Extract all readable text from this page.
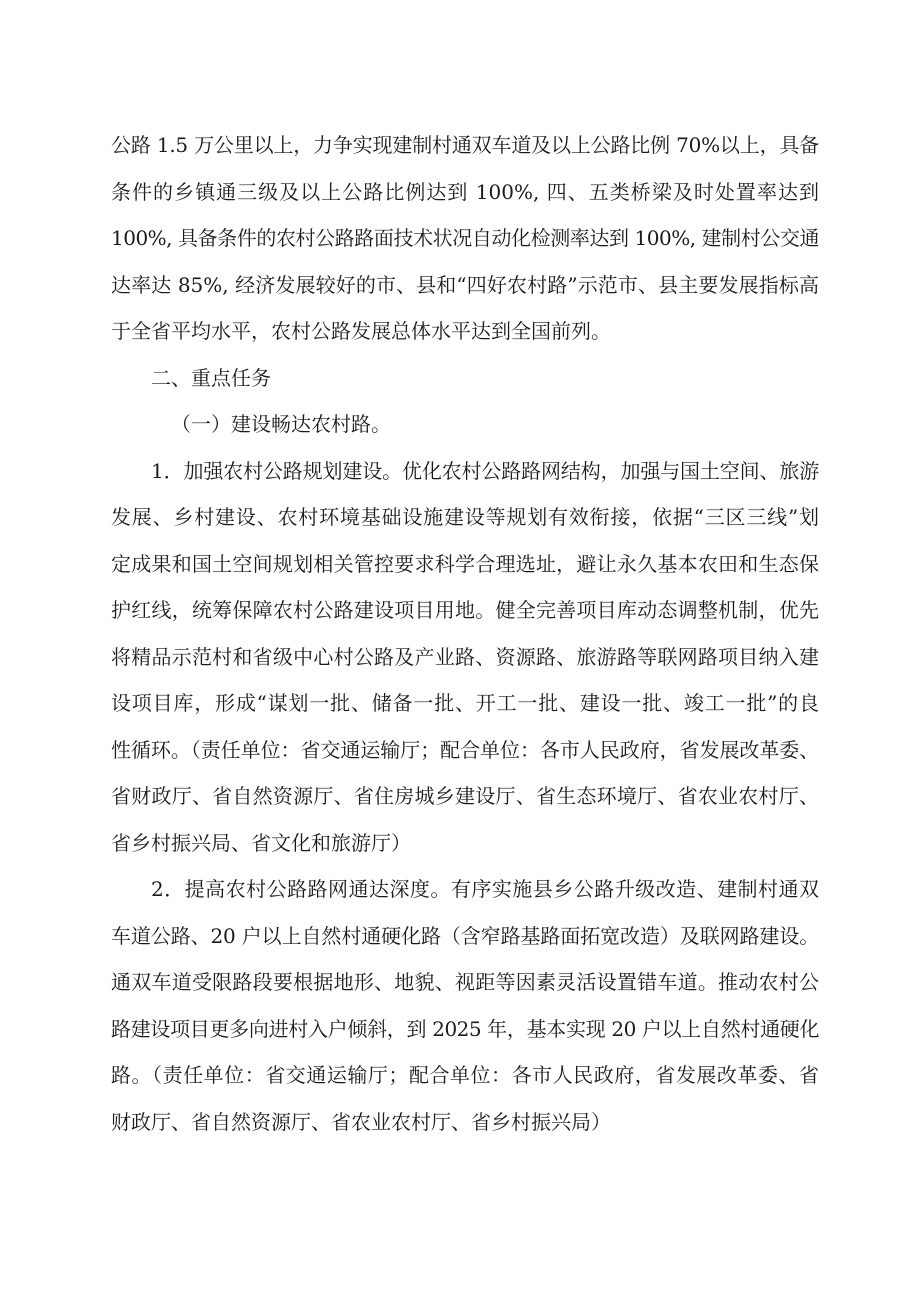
公路 1.5 万公里以上，力争实现建制村通双车道及以上公路比例 70%以上，具备
条件的乡镇通三级及以上公路比例达到 100%, 四、五类桥梁及时处置率达到
100%, 具备条件的农村公路路面技术状况自动化检测率达到 100%, 建制村公交通
达率达 85%, 经济发展较好的市、县和“四好农村路”示范市、县主要发展指标高
于全省平均水平，农村公路发展总体水平达到全国前列。
二、重点任务
（一）建设畅达农村路。
1．加强农村公路规划建设。优化农村公路路网结构，加强与国土空间、旅游
发展、乡村建设、农村环境基础设施建设等规划有效衔接，依据“三区三线”划
定成果和国土空间规划相关管控要求科学合理选址，避让永久基本农田和生态保
护红线，统筹保障农村公路建设项目用地。健全完善项目库动态调整机制，优先
将精品示范村和省级中心村公路及产业路、资源路、旅游路等联网路项目纳入建
设项目库，形成“谋划一批、储备一批、开工一批、建设一批、竣工一批”的良
性循环。（责任单位：省交通运输厅；配合单位：各市人民政府，省发展改革委、
省财政厅、省自然资源厅、省住房城乡建设厅、省生态环境厅、省农业农村厅、
省乡村振兴局、省文化和旅游厅）
2．提高农村公路路网通达深度。有序实施县乡公路升级改造、建制村通双
车道公路、20 户以上自然村通硬化路（含窄路基路面拓宽改造）及联网路建设。
通双车道受限路段要根据地形、地貌、视距等因素灵活设置错车道。推动农村公
路建设项目更多向进村入户倾斜，到 2025 年，基本实现 20 户以上自然村通硬化
路。（责任单位：省交通运输厅；配合单位：各市人民政府，省发展改革委、省
财政厅、省自然资源厅、省农业农村厅、省乡村振兴局）
